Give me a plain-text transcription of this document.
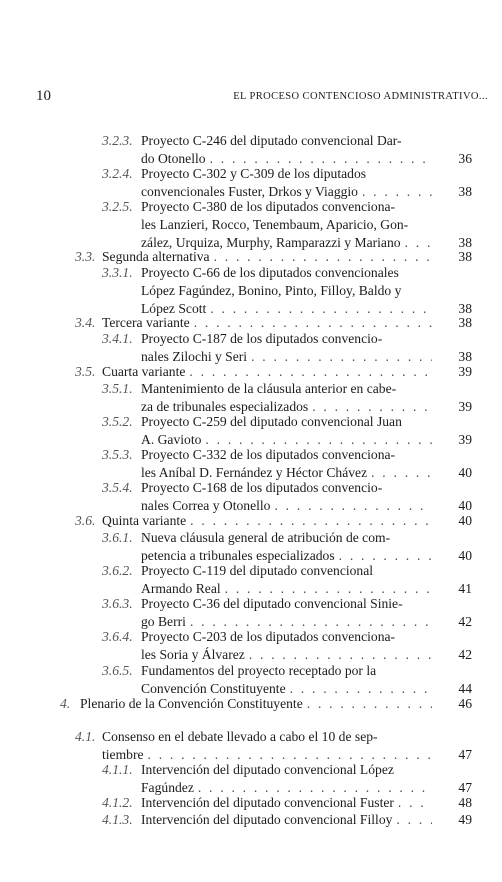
10	EL PROCESO CONTENCIOSO ADMINISTRATIVO...
3.2.3. Proyecto C-246 del diputado convencional Dar-
do Otonello . . .	36
3.2.4. Proyecto C-302 y C-309 de los diputados
convencionales Fuster, Drkos y Viaggio . . .	38
3.2.5. Proyecto C-380 de los diputados convenciona-
les Lanzieri, Rocco, Tenembaum, Aparicio, Gon-
zález, Urquiza, Murphy, Ramparazzi y Mariano . . .	38
3.3. Segunda alternativa . . .	38
3.3.1. Proyecto C-66 de los diputados convencionales
López Fagúndez, Bonino, Pinto, Filloy, Baldo y
López Scott . . .	38
3.4. Tercera variante . . .	38
3.4.1. Proyecto C-187 de los diputados convencio-
nales Zilochi y Seri . . .	38
3.5. Cuarta variante . . .	39
3.5.1. Mantenimiento de la cláusula anterior en cabe-
za de tribunales especializados . . .	39
3.5.2. Proyecto C-259 del diputado convencional Juan
A. Gavioto . . .	39
3.5.3. Proyecto C-332 de los diputados convenciona-
les Aníbal D. Fernández y Héctor Chávez . . .	40
3.5.4. Proyecto C-168 de los diputados convencio-
nales Correa y Otonello . . .	40
3.6. Quinta variante . . .	40
3.6.1. Nueva cláusula general de atribución de com-
petencia a tribunales especializados . . .	40
3.6.2. Proyecto C-119 del diputado convencional
Armando Real . . .	41
3.6.3. Proyecto C-36 del diputado convencional Sinie-
go Berri . . .	42
3.6.4. Proyecto C-203 de los diputados convenciona-
les Soria y Álvarez . . .	42
3.6.5. Fundamentos del proyecto receptado por la
Convención Constituyente . . .	44
4. Plenario de la Convención Constituyente . . .	46
4.1. Consenso en el debate llevado a cabo el 10 de sep-
tiembre . . .	47
4.1.1. Intervención del diputado convencional López
Fagúndez . . .	47
4.1.2. Intervención del diputado convencional Fuster . . .	48
4.1.3. Intervención del diputado convencional Filloy . . .	49
